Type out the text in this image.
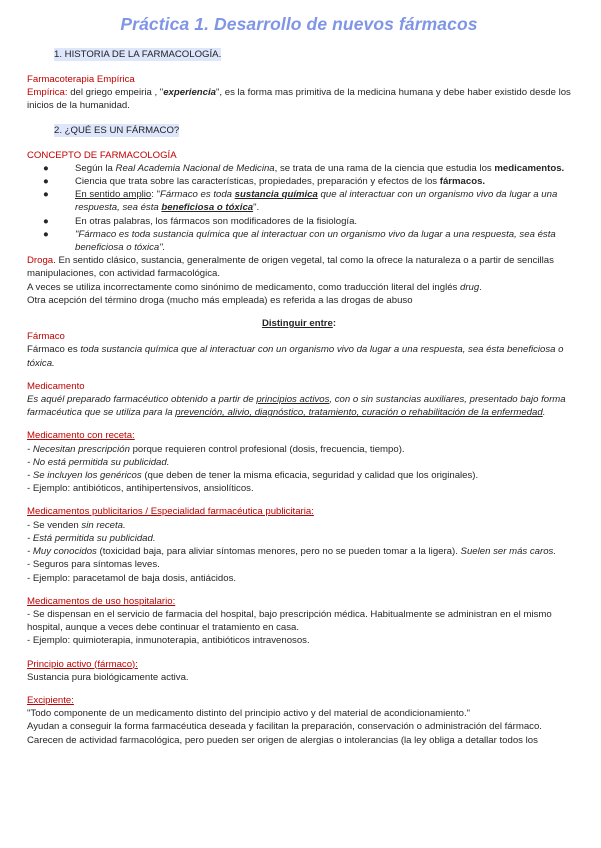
Práctica 1. Desarrollo de nuevos fármacos

1. HISTORIA DE LA FARMACOLOGÍA.

Farmacoterapia Empírica

Empírica: del griego empeiria , "experiencia", es la forma mas primitiva de la medicina humana y debe haber existido desde los inicios de la humanidad.

2. ¿QUÉ ES UN FÁRMACO?

CONCEPTO DE FARMACOLOGÍA
●	Según la Real Academia Nacional de Medicina, se trata de una rama de la ciencia que estudia los medicamentos.
●	Ciencia que trata sobre las características, propiedades, preparación y efectos de los fármacos.
●	En sentido amplio: "Fármaco es toda sustancia química que al interactuar con un organismo vivo da lugar a una respuesta, sea ésta beneficiosa o tóxica".
●	En otras palabras, los fármacos son modificadores de la fisiología.
●	"Fármaco es toda sustancia química que al interactuar con un organismo vivo da lugar a una respuesta, sea ésta beneficiosa o tóxica".

Droga. En sentido clásico, sustancia, generalmente de origen vegetal, tal como la ofrece la naturaleza o a partir de sencillas manipulaciones, con actividad farmacológica.

A veces se utiliza incorrectamente como sinónimo de medicamento, como traducción literal del inglés drug.

Otra acepción del término droga (mucho más empleada) es referida a las drogas de abuso

Distinguir entre:

Fármaco

Fármaco es toda sustancia química que al interactuar con un organismo vivo da lugar a una respuesta, sea ésta beneficiosa o tóxica.

Medicamento

Es aquél preparado farmacéutico obtenido a partir de principios activos, con o sin sustancias auxiliares, presentado bajo forma farmacéutica que se utiliza para la prevención, alivio, diagnóstico, tratamiento, curación o rehabilitación de la enfermedad.

Medicamento con receta:

- Necesitan prescripción porque requieren control profesional (dosis, frecuencia, tiempo).

- No está permitida su publicidad.

- Se incluyen los genéricos (que deben de tener la misma eficacia, seguridad y calidad que los originales).

- Ejemplo: antibióticos, antihipertensivos, ansiolíticos.

Medicamentos publicitarios / Especialidad farmacéutica publicitaria:

- Se venden sin receta.

- Está permitida su publicidad.

- Muy conocidos (toxicidad baja, para aliviar síntomas menores, pero no se pueden tomar a la ligera). Suelen ser más caros.

- Seguros para síntomas leves.

- Ejemplo: paracetamol de baja dosis, antiácidos.

Medicamentos de uso hospitalario:

- Se dispensan en el servicio de farmacia del hospital, bajo prescripción médica. Habitualmente se administran en el mismo hospital, aunque a veces debe continuar el tratamiento en casa.

- Ejemplo: quimioterapia, inmunoterapia, antibióticos intravenosos.

Principio activo (fármaco):

Sustancia pura biológicamente activa.

Excipiente:

"Todo componente de un medicamento distinto del principio activo y del material de acondicionamiento."

Ayudan a conseguir la forma farmacéutica deseada y facilitan la preparación, conservación o administración del fármaco.

Carecen de actividad farmacológica, pero pueden ser origen de alergias o intolerancias (la ley obliga a detallar todos los
